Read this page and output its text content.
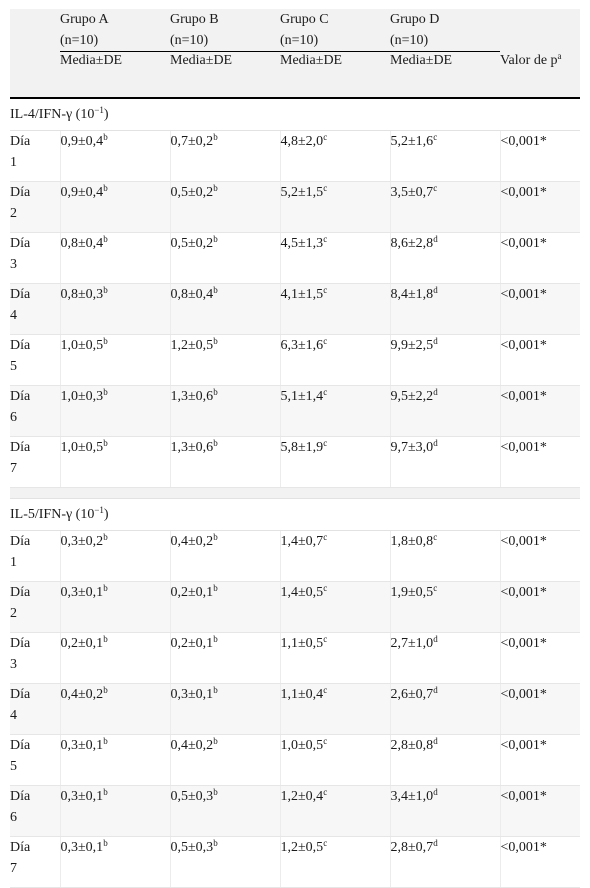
	Grupo A
(n=10)	Grupo B
(n=10)	Grupo C
(n=10)	Grupo D
(n=10)	

	Media±DE	Media±DE	Media±DE	Media±DE	Valor de $p^a$
IL-4/IFN-γ $(10^{-1})$					
Día
1	0,9±0,4$^b$	0,7±0,2$^b$	4,8±2,0$^c$	5,2±1,6$^c$	<0,001*
Día
2	0,9±0,4$^b$	0,5±0,2$^b$	5,2±1,5$^c$	3,5±0,7$^c$	<0,001*
Día
3	0,8±0,4$^b$	0,5±0,2$^b$	4,5±1,3$^c$	8,6±2,8$^d$	<0,001*
Día
4	0,8±0,3$^b$	0,8±0,4$^b$	4,1±1,5$^c$	8,4±1,8$^d$	<0,001*
Día
5	1,0±0,5$^b$	1,2±0,5$^b$	6,3±1,6$^c$	9,9±2,5$^d$	<0,001*
Día
6	1,0±0,3$^b$	1,3±0,6$^b$	5,1±1,4$^c$	9,5±2,2$^d$	<0,001*
Día
7	1,0±0,5$^b$	1,3±0,6$^b$	5,8±1,9$^c$	9,7±3,0$^d$	<0,001*

IL-5/IFN-γ $(10^{-1})$					
Día
1	0,3±0,2$^b$	0,4±0,2$^b$	1,4±0,7$^c$	1,8±0,8$^c$	<0,001*
Día
2	0,3±0,1$^b$	0,2±0,1$^b$	1,4±0,5$^c$	1,9±0,5$^c$	<0,001*
Día
3	0,2±0,1$^b$	0,2±0,1$^b$	1,1±0,5$^c$	2,7±1,0$^d$	<0,001*
Día
4	0,4±0,2$^b$	0,3±0,1$^b$	1,1±0,4$^c$	2,6±0,7$^d$	<0,001*
Día
5	0,3±0,1$^b$	0,4±0,2$^b$	1,0±0,5$^c$	2,8±0,8$^d$	<0,001*
Día
6	0,3±0,1$^b$	0,5±0,3$^b$	1,2±0,4$^c$	3,4±1,0$^d$	<0,001*
Día
7	0,3±0,1$^b$	0,5±0,3$^b$	1,2±0,5$^c$	2,8±0,7$^d$	<0,001*
